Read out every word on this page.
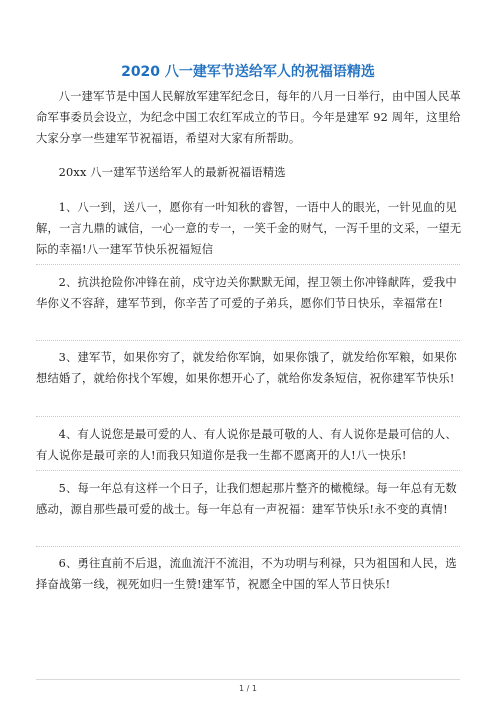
2020 八一建军节送给军人的祝福语精选

八一建军节是中国人民解放军建军纪念日，每年的八月一日举行，由中国人民革命军事委员会设立，为纪念中国工农红军成立的节日。今年是建军 92 周年，这里给大家分享一些建军节祝福语，希望对大家有所帮助。

20xx 八一建军节送给军人的最新祝福语精选

1、八一到，送八一，愿你有一叶知秋的睿智，一语中人的眼光，一针见血的见解，一言九鼎的诚信，一心一意的专一，一笑千金的财气，一泻千里的文采，一望无际的幸福!八一建军节快乐祝福短信

2、抗洪抢险你冲锋在前，戍守边关你默默无闻，捏卫领土你冲锋献阵，爱我中华你义不容辞，建军节到，你辛苦了可爱的子弟兵，愿你们节日快乐，幸福常在!

3、建军节，如果你穷了，就发给你军饷，如果你饿了，就发给你军粮，如果你想结婚了，就给你找个军嫂，如果你想开心了，就给你发条短信，祝你建军节快乐!

4、有人说您是最可爱的人、有人说你是最可敬的人、有人说你是最可信的人、有人说你是最可亲的人!而我只知道你是我一生都不愿离开的人!八一快乐!

5、每一年总有这样一个日子，让我们想起那片整齐的橄榄绿。每一年总有无数感动，源自那些最可爱的战士。每一年总有一声祝福：建军节快乐!永不变的真情!

6、勇往直前不后退，流血流汗不流泪，不为功明与利禄，只为祖国和人民，选择奋战第一线，视死如归一生赞!建军节，祝愿全中国的军人节日快乐!

1 / 1
